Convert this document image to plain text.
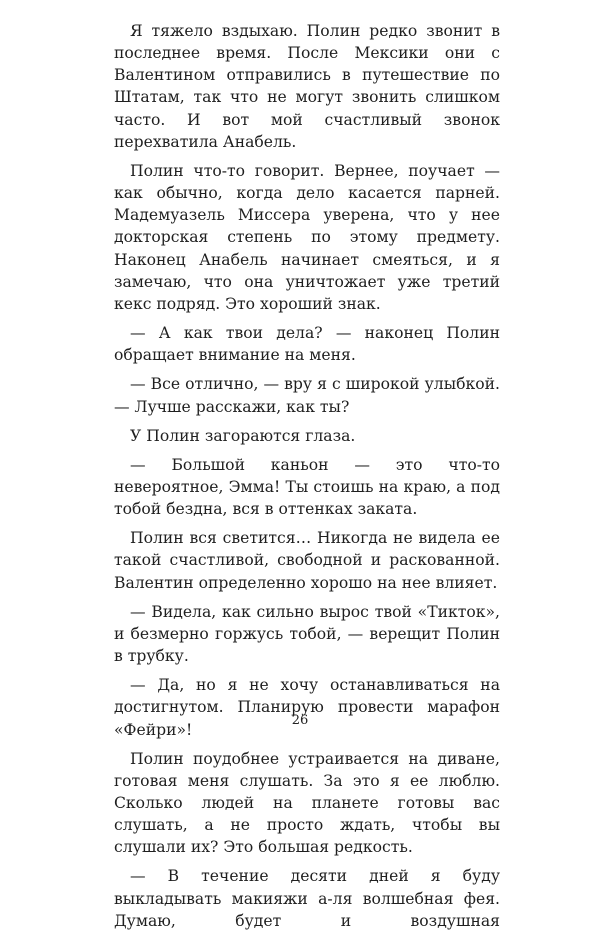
Я тяжело вздыхаю. Полин редко звонит в последнее время. После Мексики они с Валентином отправились в путешествие по Штатам, так что не могут звонить слишком часто. И вот мой счастливый звонок перехватила Анабель.

Полин что-то говорит. Вернее, поучает — как обычно, когда дело касается парней. Мадемуазель Миссера уверена, что у нее докторская степень по этому предмету. Наконец Анабель начинает смеяться, и я замечаю, что она уничтожает уже третий кекс подряд. Это хороший знак.

— А как твои дела? — наконец Полин обращает внимание на меня.

— Все отлично, — вру я с широкой улыбкой. — Лучше расскажи, как ты?

У Полин загораются глаза.

— Большой каньон — это что-то невероятное, Эмма! Ты стоишь на краю, а под тобой бездна, вся в оттенках заката.

Полин вся светится… Никогда не видела ее такой счастливой, свободной и раскованной. Валентин определенно хорошо на нее влияет.

— Видела, как сильно вырос твой «Тикток», и безмерно горжусь тобой, — верещит Полин в трубку.

— Да, но я не хочу останавливаться на достигнутом. Планирую провести марафон «Фейри»!

Полин поудобнее устраивается на диване, готовая меня слушать. За это я ее люблю. Сколько людей на планете готовы вас слушать, а не просто ждать, чтобы вы слушали их? Это большая редкость.

— В течение десяти дней я буду выкладывать макияжи а-ля волшебная фея. Думаю, будет и воздушная

26
